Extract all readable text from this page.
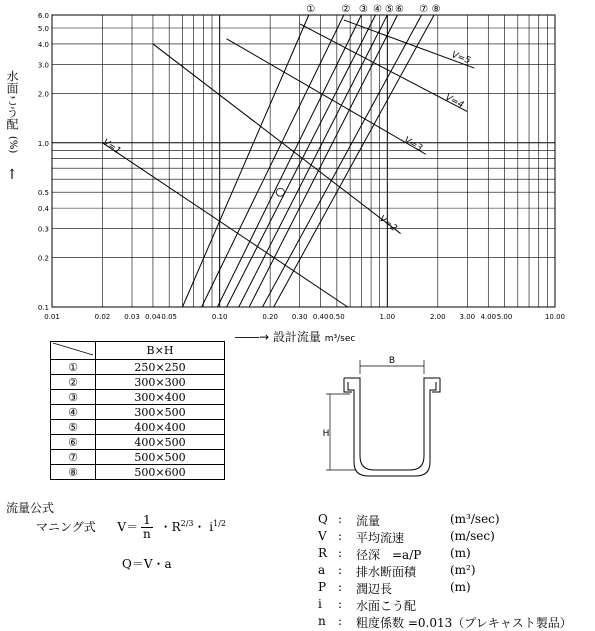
0.01	0.02 0.03 0.04 0.05	0.10	0.20 0.30 0.40 0.50	1.00	2.00 3.00 4.00 5.00	10.00
0.1
0.2
0.3
0.4
0.5
1.0
2.0
3.0
4.0
5.0
6.0
①	② ③ ④ ⑤ ⑥ ⑦ ⑧
V=1
V=2
V=3
V=4
V=5
水面こう配
(%)
↑
――→ 設計流量 m³/sec
	B×H
①	250×250
②	300×300
③	300×400
④	300×500
⑤	400×400
⑥	400×500
⑦	500×500
⑧	500×600
B
H
流量公式
マニング式 $V= \frac{1}{n}$ ・$R^{2/3}$・ $i^{1/2}$
Q＝V・a
Q : 流量	(m³/sec)
V : 平均流速	(m/sec)
R : 径深　=a/P (m)
a : 排水断面積	(m²)
P : 潤辺長	(m)
i : 水面こう配
n : 粗度係数 =0.013（プレキャスト製品）
